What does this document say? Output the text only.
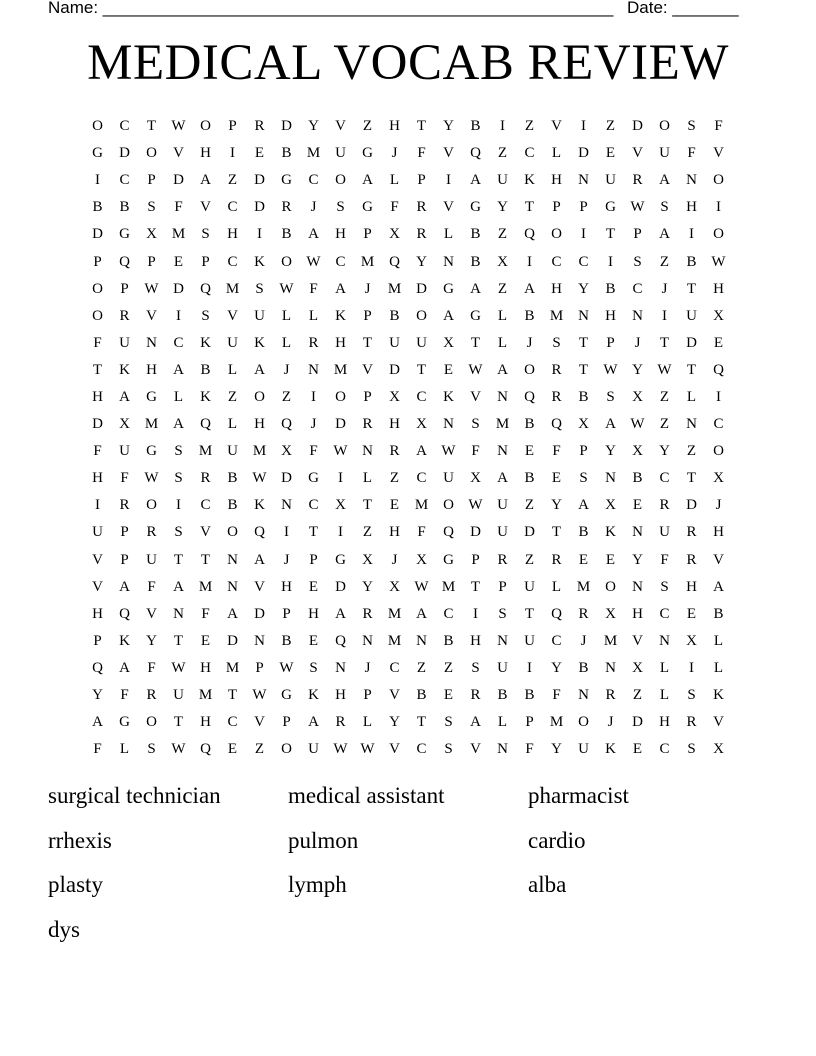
Name: ______________________________________________________ Date: _______
MEDICAL VOCAB REVIEW
O	C	T	W O	P	R	D	Y	V	Z	H	T	Y	B	I	Z	V	I	Z	D	O	S	F
G	D	O	V	H	I	E	B	M U	G	J	F	V	Q	Z	C	L	D	E	V	U	F	V
I	C	P	D	A	Z	D	G	C	O	A	L	P	I	A	U	K	H	N	U	R	A	N	O
B	B	S	F	V	C	D	R	J	S	G	F	R	V	G	Y	T	P	P	G W	S	H	I
D	G	X M	S	H	I	B	A	H	P	X	R	L	B	Z	Q	O	I	T	P	A	I	O
P	Q	P	E	P	C	K	O W C	M Q	Y	N	B	X	I	C	C	I	S	Z	B W
O	P	W D	Q M	S	W	F	A	J	M D	G	A	Z	A	H	Y	B	C	J	T	H
O	R	V	I	S	V	U	L	L	K	P	B	O	A	G	L	B	M N	H	N	I	U	X
F	U	N	C	K	U	K	L	R	H	T	U	U	X	T	L	J	S	T	P	J	T	D	E
T	K	H	A	B	L	A	J	N M V	D	T	E	W A	O	R	T	W Y W	T	Q
H	A	G	L	K	Z	O	Z	I	O	P	X	C	K	V	N	Q	R	B	S	X	Z	L	I
D	X M A	Q	L	H	Q	J	D	R	H	X	N	S	M	B	Q	X	A W	Z	N	C
F	U	G	S	M U M X	F	W N	R	A W	F	N	E	F	P	Y	X	Y	Z	O
H	F	W	S	R	B W D	G	I	L	Z	C	U	X	A	B	E	S	N	B	C	T	X
I	R	O	I	C	B	K	N	C	X	T	E	M O W U	Z	Y	A	X	E	R	D	J
U	P	R	S	V	O	Q	I	T	I	Z	H	F	Q	D	U	D	T	B	K	N	U	R	H
V	P	U	T	T	N	A	J	P	G	X	J	X	G	P	R	Z	R	E	E	Y	F	R	V
V	A	F	A M N	V	H	E	D	Y	X W M	T	P	U	L	M O	N	S	H	A
H	Q	V	N	F	A	D	P	H	A	R	M A	C	I	S	T	Q	R	X	H	C	E	B
P	K	Y	T	E	D	N	B	E	Q	N M N	B	H	N	U	C	J	M V	N	X	L
Q	A	F	W H M	P	W	S	N	J	C	Z	Z	S	U	I	Y	B	N	X	L	I	L
Y	F	R	U M	T	W G	K	H	P	V	B	E	R	B	B	F	N	R	Z	L	S	K
A	G	O	T	H	C	V	P	A	R	L	Y	T	S	A	L	P	M O	J	D	H	R	V
F	L	S	W Q	E	Z	O	U W W V	C	S	V	N	F	Y	U	K	E	C	S	X
surgical technician	medical assistant	pharmacist
rrhexis	pulmon	cardio
plasty	lymph	alba
dys
